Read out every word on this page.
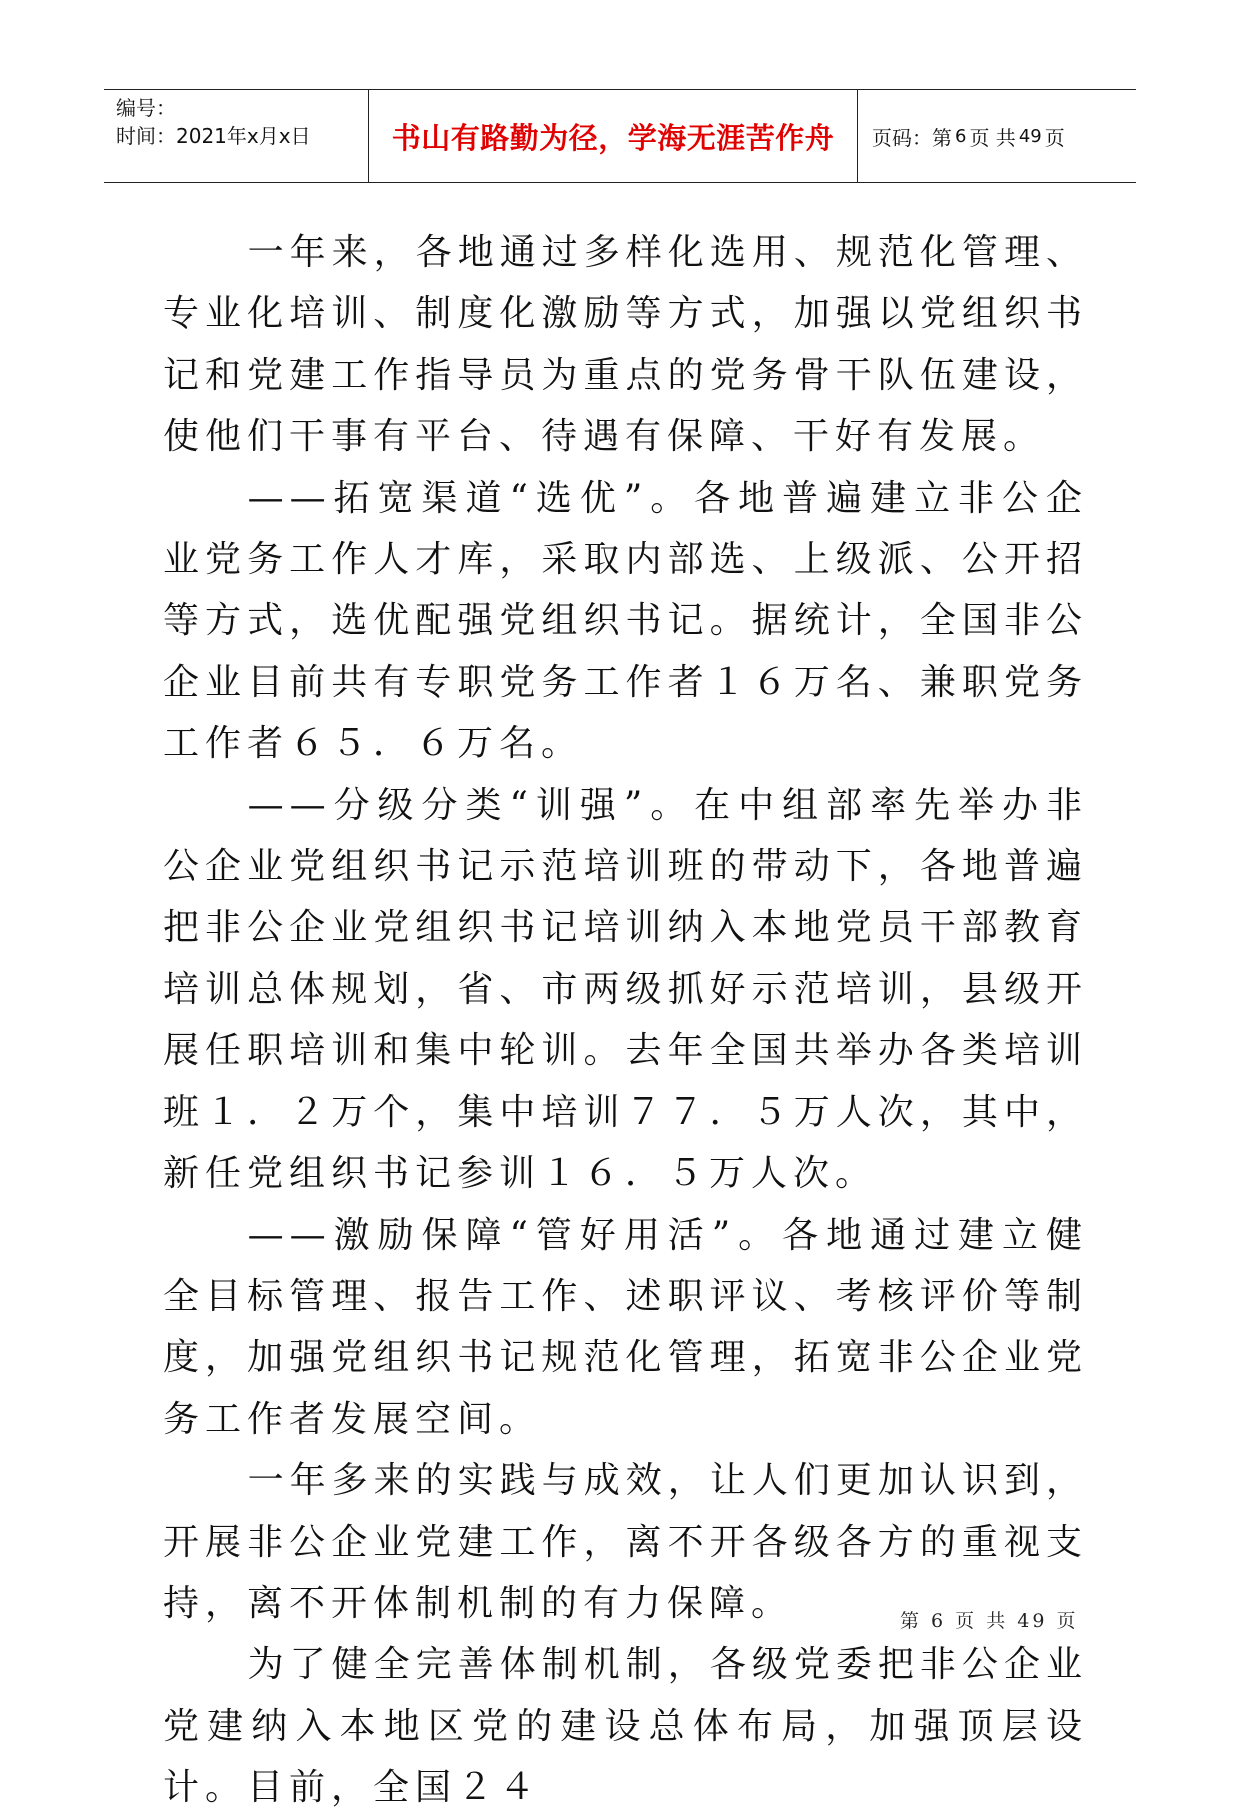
编号：
时间：2021年x月x日	书山有路勤为径，学海无涯苦作舟	页码：第 6 页 共 49 页

一年来，各地通过多样化选用、规范化管理、专业化培训、制度化激励等方式，加强以党组织书记和党建工作指导员为重点的党务骨干队伍建设，使他们干事有平台、待遇有保障、干好有发展。

——拓宽渠道“选优”。各地普遍建立非公企业党务工作人才库，采取内部选、上级派、公开招等方式，选优配强党组织书记。据统计，全国非公企业目前共有专职党务工作者１６万名、兼职党务工作者６５．６万名。

——分级分类“训强”。在中组部率先举办非公企业党组织书记示范培训班的带动下，各地普遍把非公企业党组织书记培训纳入本地党员干部教育培训总体规划，省、市两级抓好示范培训，县级开展任职培训和集中轮训。去年全国共举办各类培训班１．２万个，集中培训７７．５万人次，其中，新任党组织书记参训１６．５万人次。

——激励保障“管好用活”。各地通过建立健全目标管理、报告工作、述职评议、考核评价等制度，加强党组织书记规范化管理，拓宽非公企业党务工作者发展空间。

一年多来的实践与成效，让人们更加认识到，开展非公企业党建工作，离不开各级各方的重视支持，离不开体制机制的有力保障。

为了健全完善体制机制，各级党委把非公企业党建纳入本地区党的建设总体布局，加强顶层设计。目前，全国２４

第 6 页 共 49 页
